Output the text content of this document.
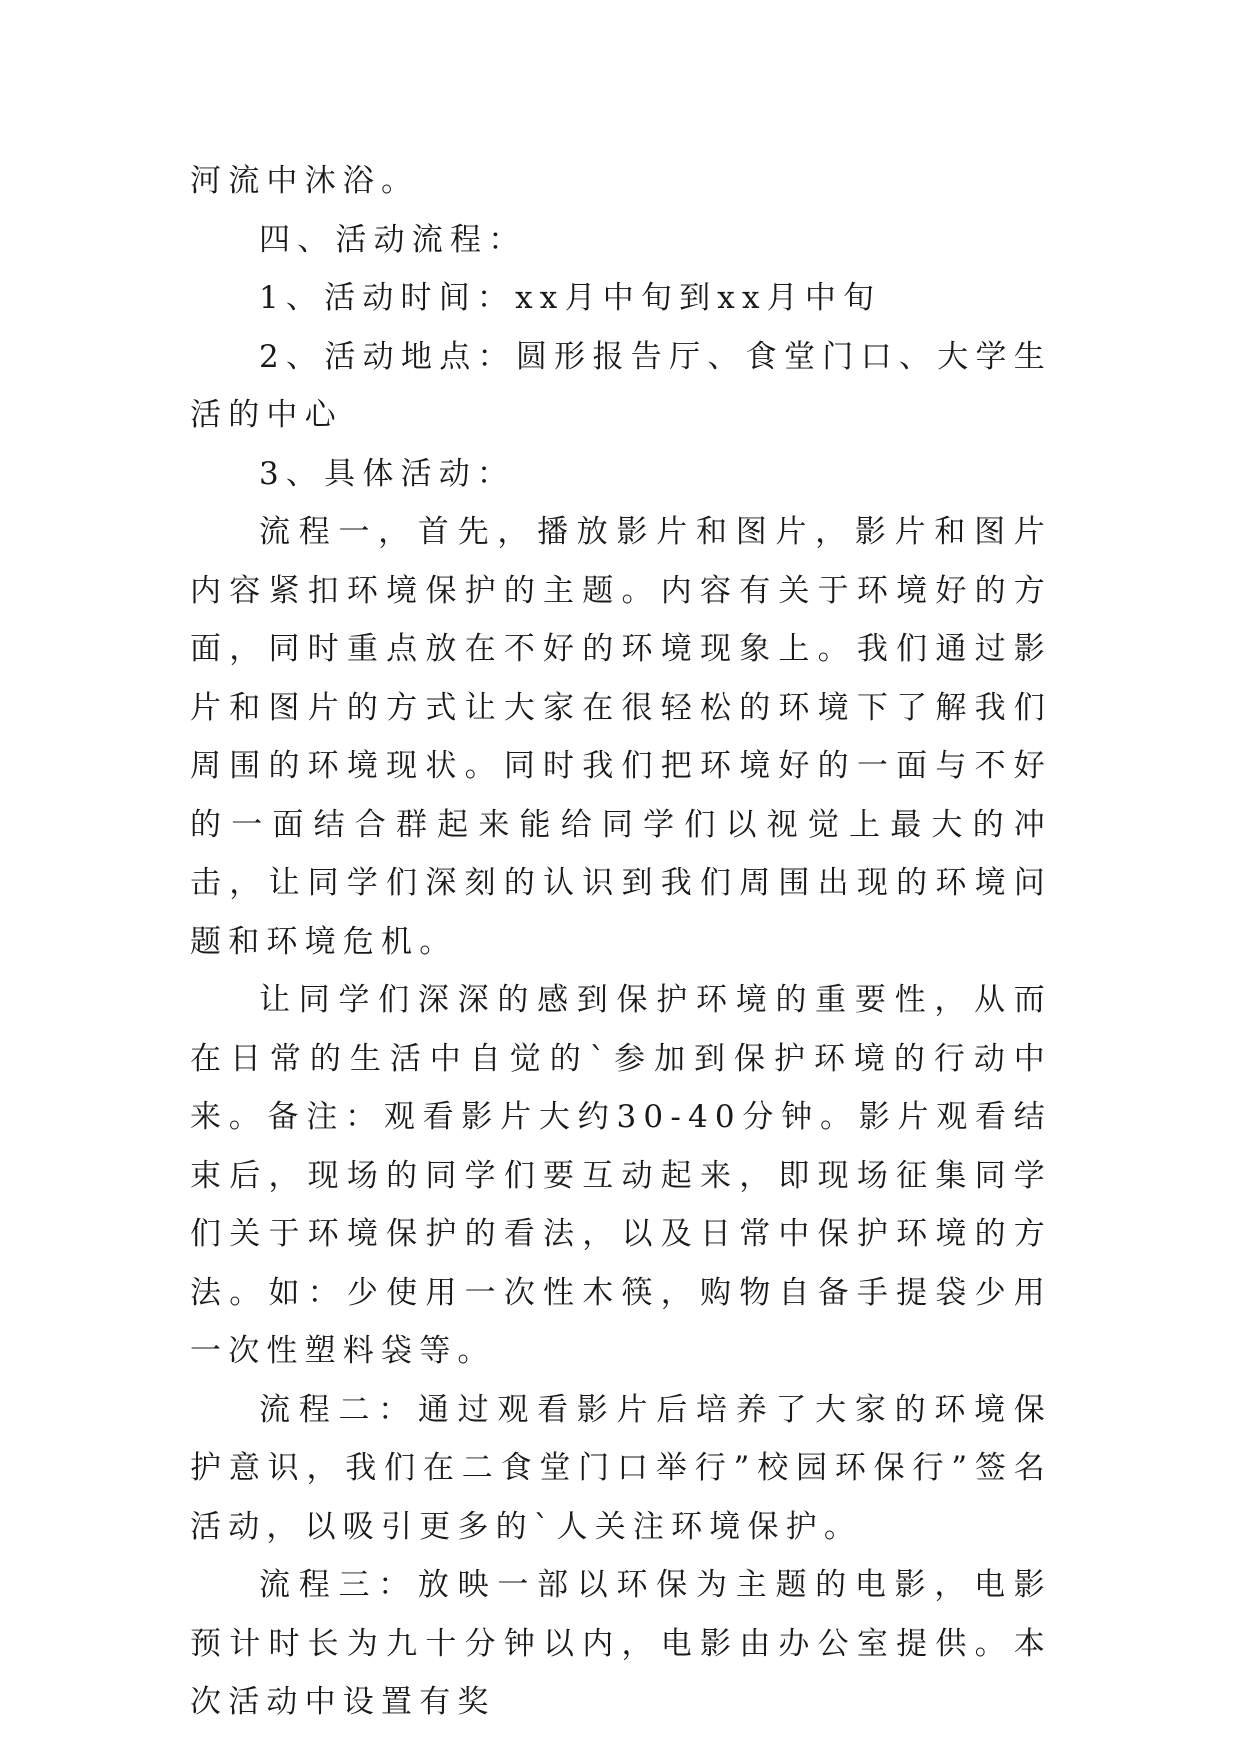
河流中沐浴。

四、活动流程：

1、活动时间：xx月中旬到xx月中旬

2、活动地点：圆形报告厅、食堂门口、大学生活的中心

3、具体活动：

流程一，首先，播放影片和图片，影片和图片内容紧扣环境保护的主题。内容有关于环境好的方面，同时重点放在不好的环境现象上。我们通过影片和图片的方式让大家在很轻松的环境下了解我们周围的环境现状。同时我们把环境好的一面与不好的一面结合群起来能给同学们以视觉上最大的冲击，让同学们深刻的认识到我们周围出现的环境问题和环境危机。

让同学们深深的感到保护环境的重要性，从而在日常的生活中自觉的`参加到保护环境的行动中来。备注：观看影片大约30-40分钟。影片观看结束后，现场的同学们要互动起来，即现场征集同学们关于环境保护的看法，以及日常中保护环境的方法。如：少使用一次性木筷，购物自备手提袋少用一次性塑料袋等。

流程二：通过观看影片后培养了大家的环境保护意识，我们在二食堂门口举行”校园环保行”签名活动，以吸引更多的`人关注环境保护。

流程三：放映一部以环保为主题的电影，电影预计时长为九十分钟以内，电影由办公室提供。本次活动中设置有奖
